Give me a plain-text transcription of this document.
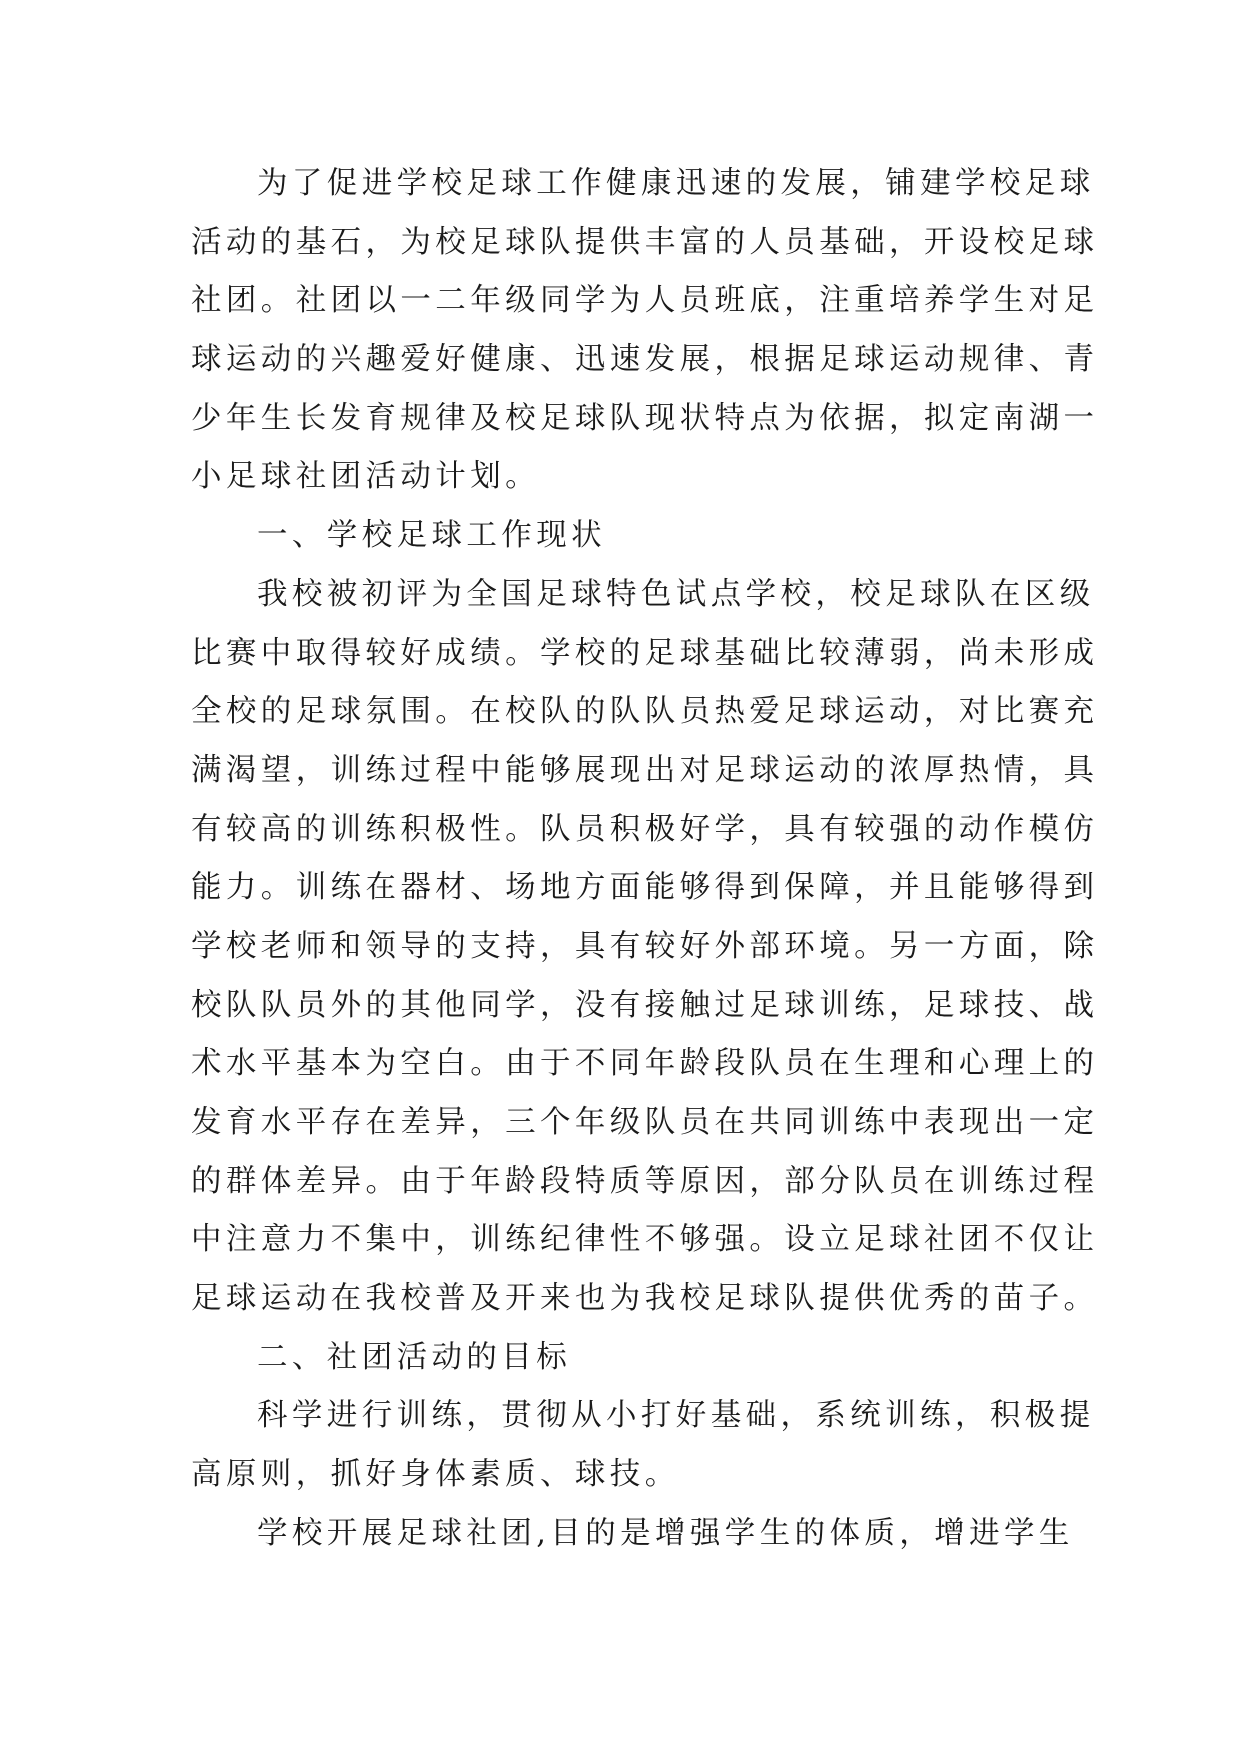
为了促进学校足球工作健康迅速的发展，铺建学校足球
活动的基石，为校足球队提供丰富的人员基础，开设校足球
社团。社团以一二年级同学为人员班底，注重培养学生对足
球运动的兴趣爱好健康、迅速发展，根据足球运动规律、青
少年生长发育规律及校足球队现状特点为依据，拟定南湖一
小足球社团活动计划。
一、学校足球工作现状
我校被初评为全国足球特色试点学校，校足球队在区级
比赛中取得较好成绩。学校的足球基础比较薄弱，尚未形成
全校的足球氛围。在校队的队队员热爱足球运动，对比赛充
满渴望，训练过程中能够展现出对足球运动的浓厚热情，具
有较高的训练积极性。队员积极好学，具有较强的动作模仿
能力。训练在器材、场地方面能够得到保障，并且能够得到
学校老师和领导的支持，具有较好外部环境。另一方面，除
校队队员外的其他同学，没有接触过足球训练，足球技、战
术水平基本为空白。由于不同年龄段队员在生理和心理上的
发育水平存在差异，三个年级队员在共同训练中表现出一定
的群体差异。由于年龄段特质等原因，部分队员在训练过程
中注意力不集中，训练纪律性不够强。设立足球社团不仅让
足球运动在我校普及开来也为我校足球队提供优秀的苗子。
二、社团活动的目标
科学进行训练，贯彻从小打好基础，系统训练，积极提
高原则，抓好身体素质、球技。
学校开展足球社团,目的是增强学生的体质，增进学生
